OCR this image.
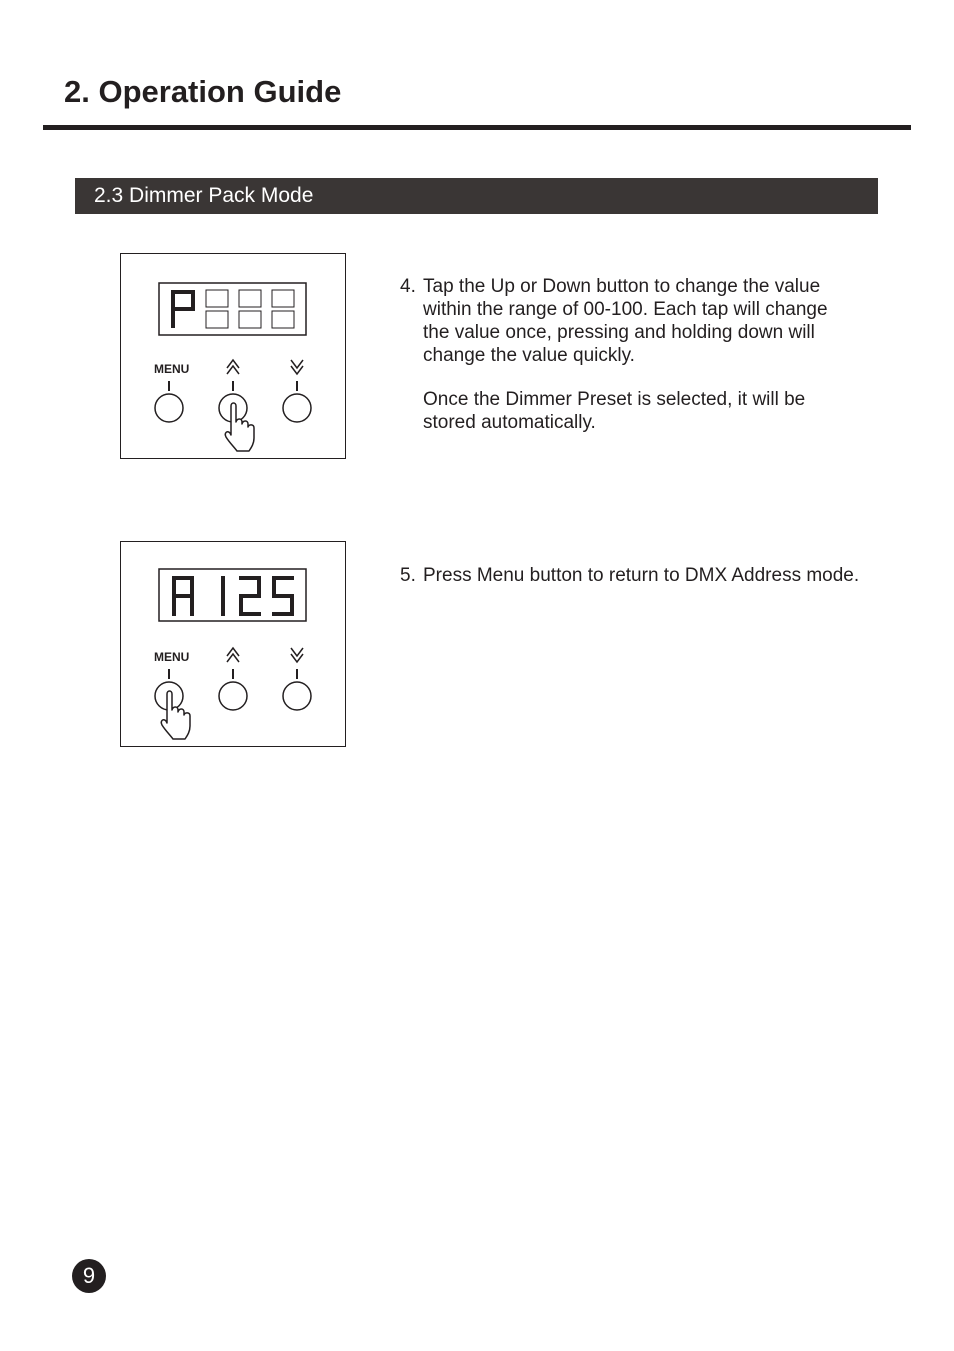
2. Operation Guide
2.3 Dimmer Pack Mode
MENU
MENU
4. Tap the Up or Down button to change the value

within the range of 00-100. Each tap will change

the value once, pressing and holding down will

change the value quickly.

Once the Dimmer Preset is selected, it will be

stored automatically.

5. Press Menu button to return to DMX Address mode.

9
